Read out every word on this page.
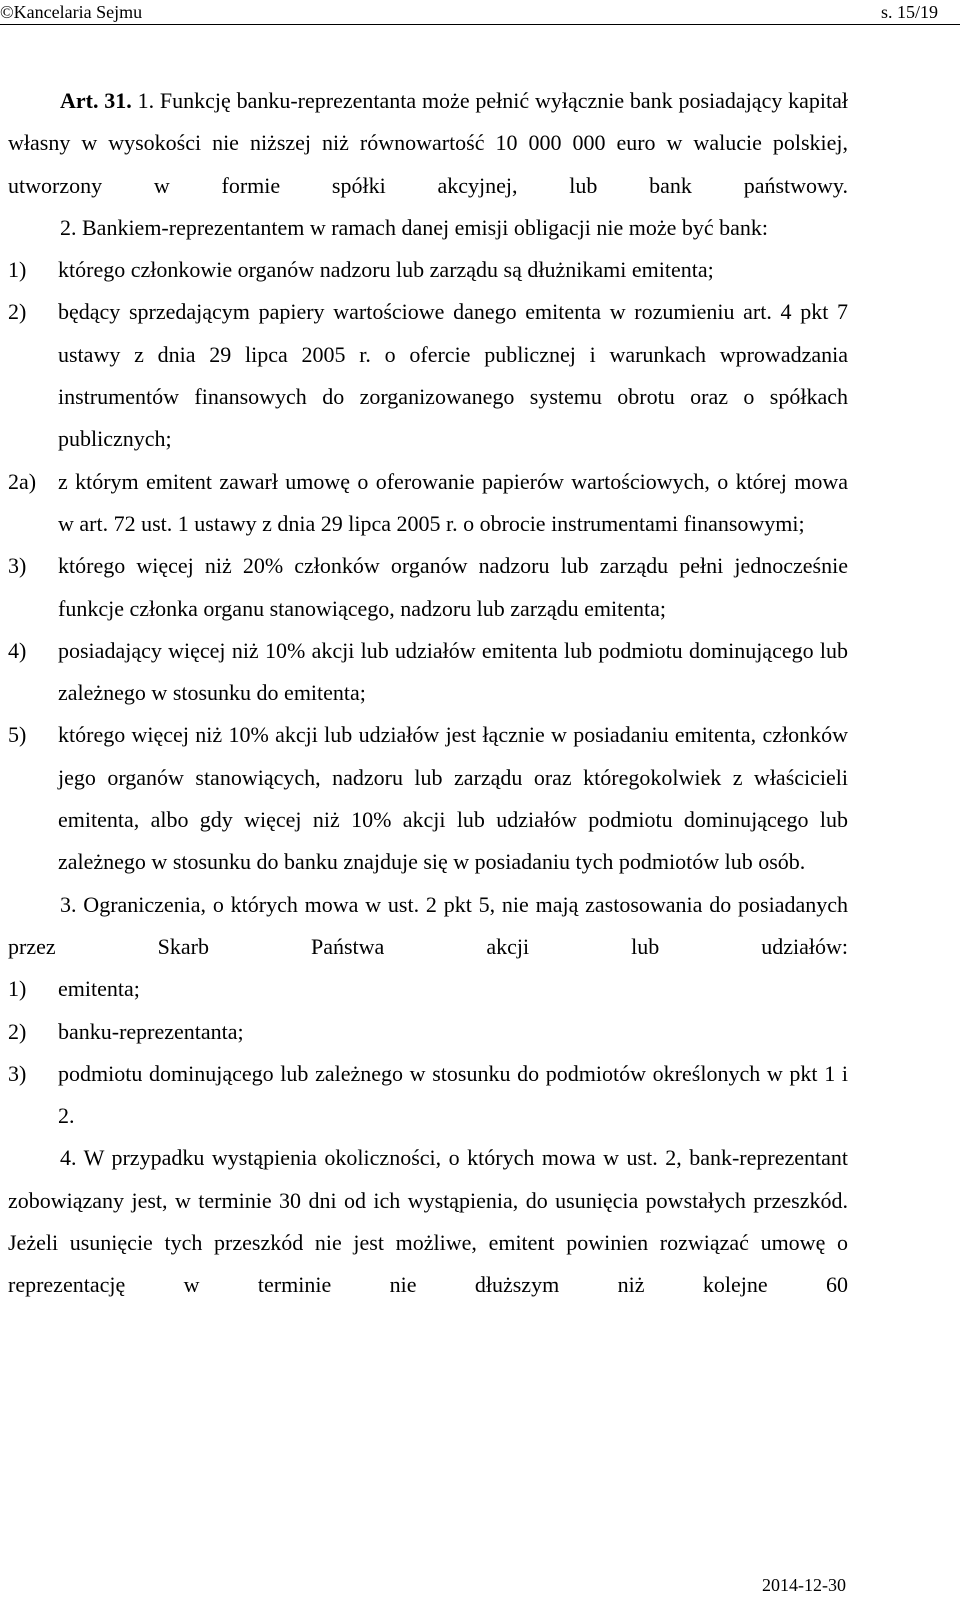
©Kancelaria Sejmu	s. 15/19

Art. 31. 1. Funkcję banku-reprezentanta może pełnić wyłącznie bank posiadający kapitał własny w wysokości nie niższej niż równowartość 10 000 000 euro w walucie polskiej, utworzony w formie spółki akcyjnej, lub bank państwowy.

2. Bankiem-reprezentantem w ramach danej emisji obligacji nie może być bank:

1)	którego członkowie organów nadzoru lub zarządu są dłużnikami emitenta;
2)	będący sprzedającym papiery wartościowe danego emitenta w rozumieniu art. 4 pkt 7 ustawy z dnia 29 lipca 2005 r. o ofercie publicznej i warunkach wprowadzania instrumentów finansowych do zorganizowanego systemu obrotu oraz o spółkach publicznych;
2a) z którym emitent zawarł umowę o oferowanie papierów wartościowych, o której mowa w art. 72 ust. 1 ustawy z dnia 29 lipca 2005 r. o obrocie instrumentami finansowymi;
3)	którego więcej niż 20% członków organów nadzoru lub zarządu pełni jednocześnie funkcje członka organu stanowiącego, nadzoru lub zarządu emitenta;
4)	posiadający więcej niż 10% akcji lub udziałów emitenta lub podmiotu dominującego lub zależnego w stosunku do emitenta;
5)	którego więcej niż 10% akcji lub udziałów jest łącznie w posiadaniu emitenta, członków jego organów stanowiących, nadzoru lub zarządu oraz któregokolwiek z właścicieli emitenta, albo gdy więcej niż 10% akcji lub udziałów podmiotu dominującego lub zależnego w stosunku do banku znajduje się w posiadaniu tych podmiotów lub osób.

3. Ograniczenia, o których mowa w ust. 2 pkt 5, nie mają zastosowania do posiadanych przez Skarb Państwa akcji lub udziałów:

1)	emitenta;
2)	banku-reprezentanta;
3)	podmiotu dominującego lub zależnego w stosunku do podmiotów określonych w pkt 1 i 2.

4. W przypadku wystąpienia okoliczności, o których mowa w ust. 2, bank-reprezentant zobowiązany jest, w terminie 30 dni od ich wystąpienia, do usunięcia powstałych przeszkód. Jeżeli usunięcie tych przeszkód nie jest możliwe, emitent powinien rozwiązać umowę o reprezentację w terminie nie dłuższym niż kolejne 60

2014-12-30
